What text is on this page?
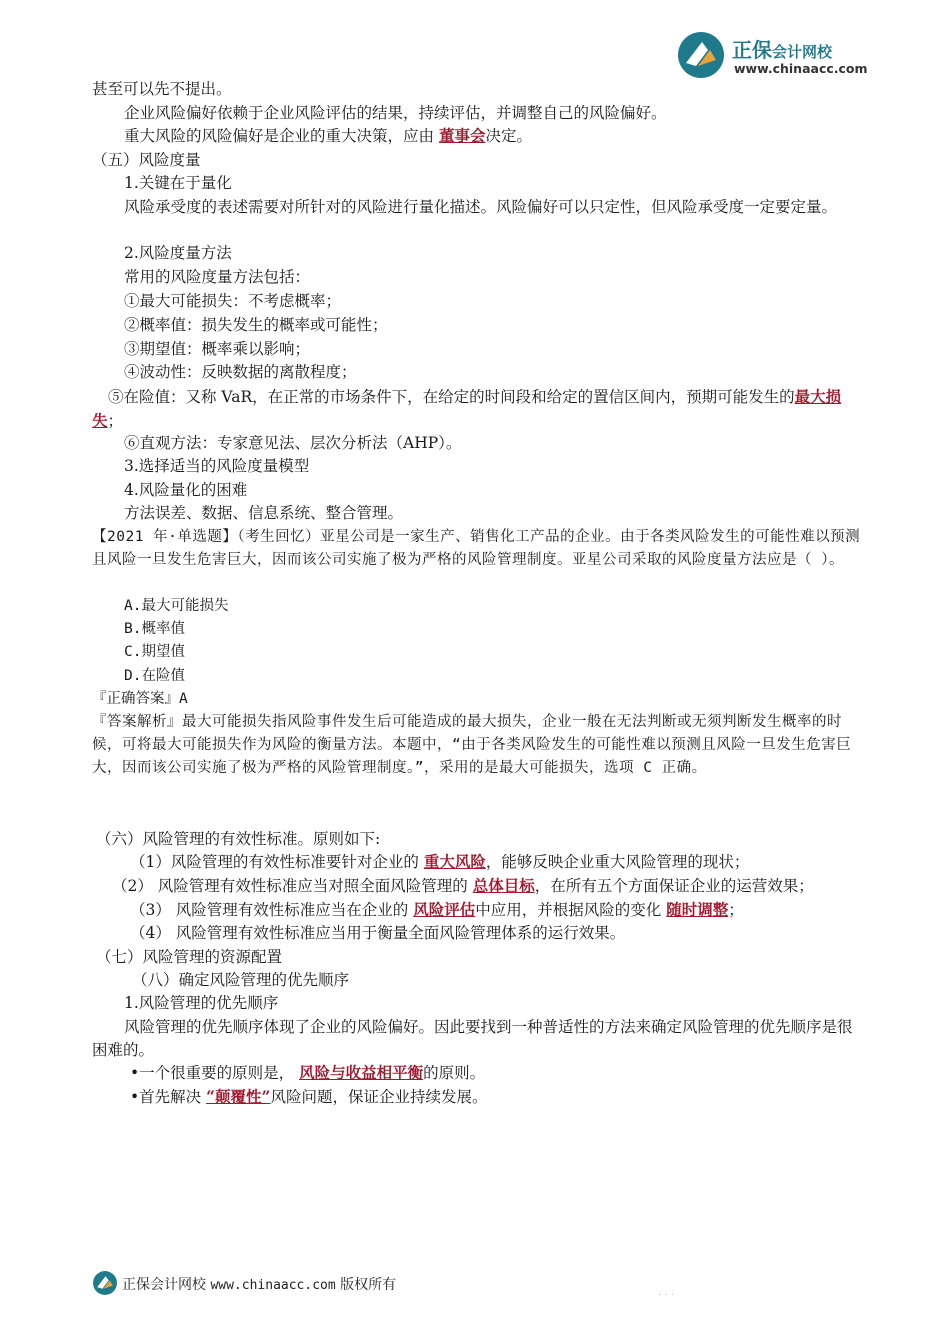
正保会计网校
www.chinaacc.com
甚至可以先不提出。
企业风险偏好依赖于企业风险评估的结果，持续评估，并调整自己的风险偏好。
重大风险的风险偏好是企业的重大决策，应由 董事会决定。
（五）风险度量
1.关键在于量化
风险承受度的表述需要对所针对的风险进行量化描述。风险偏好可以只定性，但风险承受度一定要定量。
2.风险度量方法
常用的风险度量方法包括：
①最大可能损失：不考虑概率；
②概率值：损失发生的概率或可能性；
③期望值：概率乘以影响；
④波动性：反映数据的离散程度；
⑤在险值：又称 VaR，在正常的市场条件下，在给定的时间段和给定的置信区间内，预期可能发生的最大损失；
⑥直观方法：专家意见法、层次分析法（AHP）。
3.选择适当的风险度量模型
4.风险量化的困难
方法误差、数据、信息系统、整合管理。
【2021 年·单选题】（考生回忆）亚星公司是一家生产、销售化工产品的企业。由于各类风险发生的可能性难以预测且风险一旦发生危害巨大，因而该公司实施了极为严格的风险管理制度。亚星公司采取的风险度量方法应是（ ）。
A.最大可能损失
B.概率值
C.期望值
D.在险值
『正确答案』A
『答案解析』最大可能损失指风险事件发生后可能造成的最大损失，企业一般在无法判断或无须判断发生概率的时候，可将最大可能损失作为风险的衡量方法。本题中，“由于各类风险发生的可能性难以预测且风险一旦发生危害巨大，因而该公司实施了极为严格的风险管理制度。”，采用的是最大可能损失，选项 C 正确。
（六）风险管理的有效性标准。原则如下:
（1）风险管理的有效性标准要针对企业的 重大风险，能够反映企业重大风险管理的现状；
（2） 风险管理有效性标准应当对照全面风险管理的 总体目标，在所有五个方面保证企业的运营效果；
（3） 风险管理有效性标准应当在企业的 风险评估中应用，并根据风险的变化 随时调整；
（4） 风险管理有效性标准应当用于衡量全面风险管理体系的运行效果。
（七）风险管理的资源配置
（八）确定风险管理的优先顺序
1.风险管理的优先顺序
风险管理的优先顺序体现了企业的风险偏好。因此要找到一种普适性的方法来确定风险管理的优先顺序是很困难的。
•一个很重要的原则是， 风险与收益相平衡的原则。
•首先解决 “颠覆性”风险问题，保证企业持续发展。
正保会计网校 www.chinaacc.com 版权所有
· · ·
